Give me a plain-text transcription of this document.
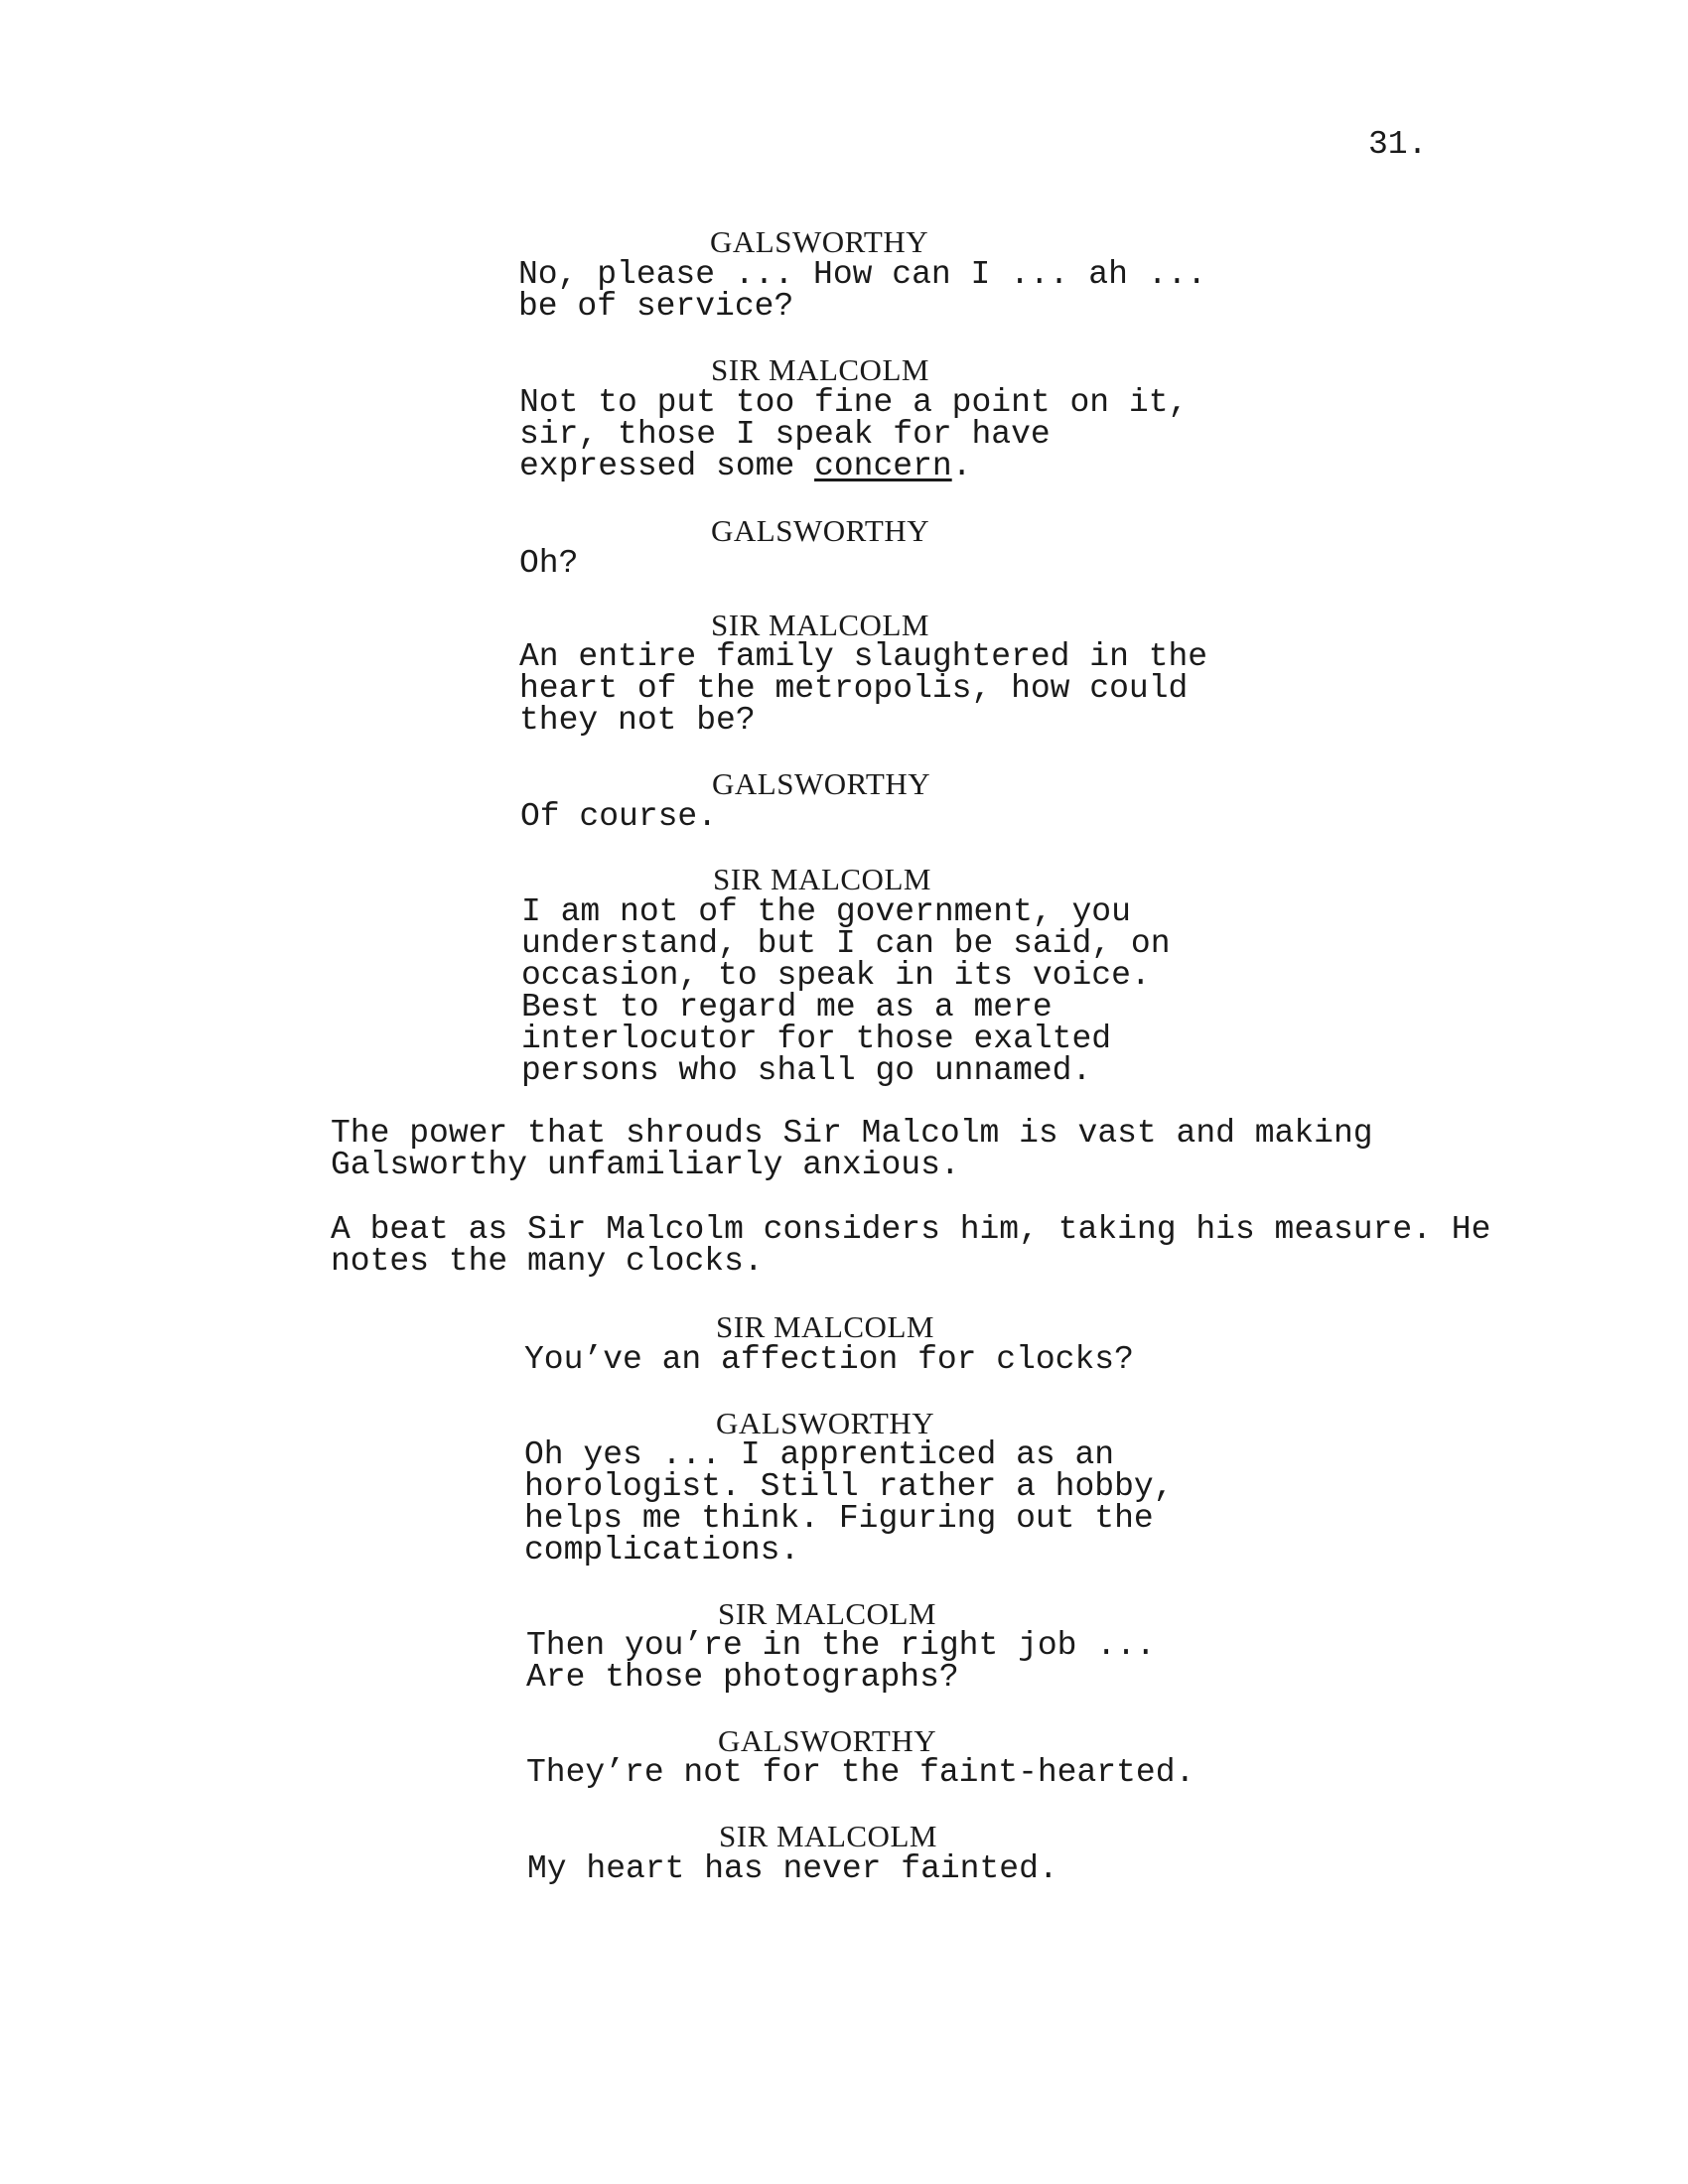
31.
GALSWORTHY
No, please ... How can I ... ah ...
be of service?
SIR MALCOLM
Not to put too fine a point on it,
sir, those I speak for have
expressed some concern.
GALSWORTHY
Oh?
SIR MALCOLM
An entire family slaughtered in the
heart of the metropolis, how could
they not be?
GALSWORTHY
Of course.
SIR MALCOLM
I am not of the government, you
understand, but I can be said, on
occasion, to speak in its voice.
Best to regard me as a mere
interlocutor for those exalted
persons who shall go unnamed.
The power that shrouds Sir Malcolm is vast and making
Galsworthy unfamiliarly anxious.
A beat as Sir Malcolm considers him, taking his measure. He
notes the many clocks.
SIR MALCOLM
You’ve an affection for clocks?
GALSWORTHY
Oh yes ... I apprenticed as an
horologist. Still rather a hobby,
helps me think. Figuring out the
complications.
SIR MALCOLM
Then you’re in the right job ...
Are those photographs?
GALSWORTHY
They’re not for the faint-hearted.
SIR MALCOLM
My heart has never fainted.
